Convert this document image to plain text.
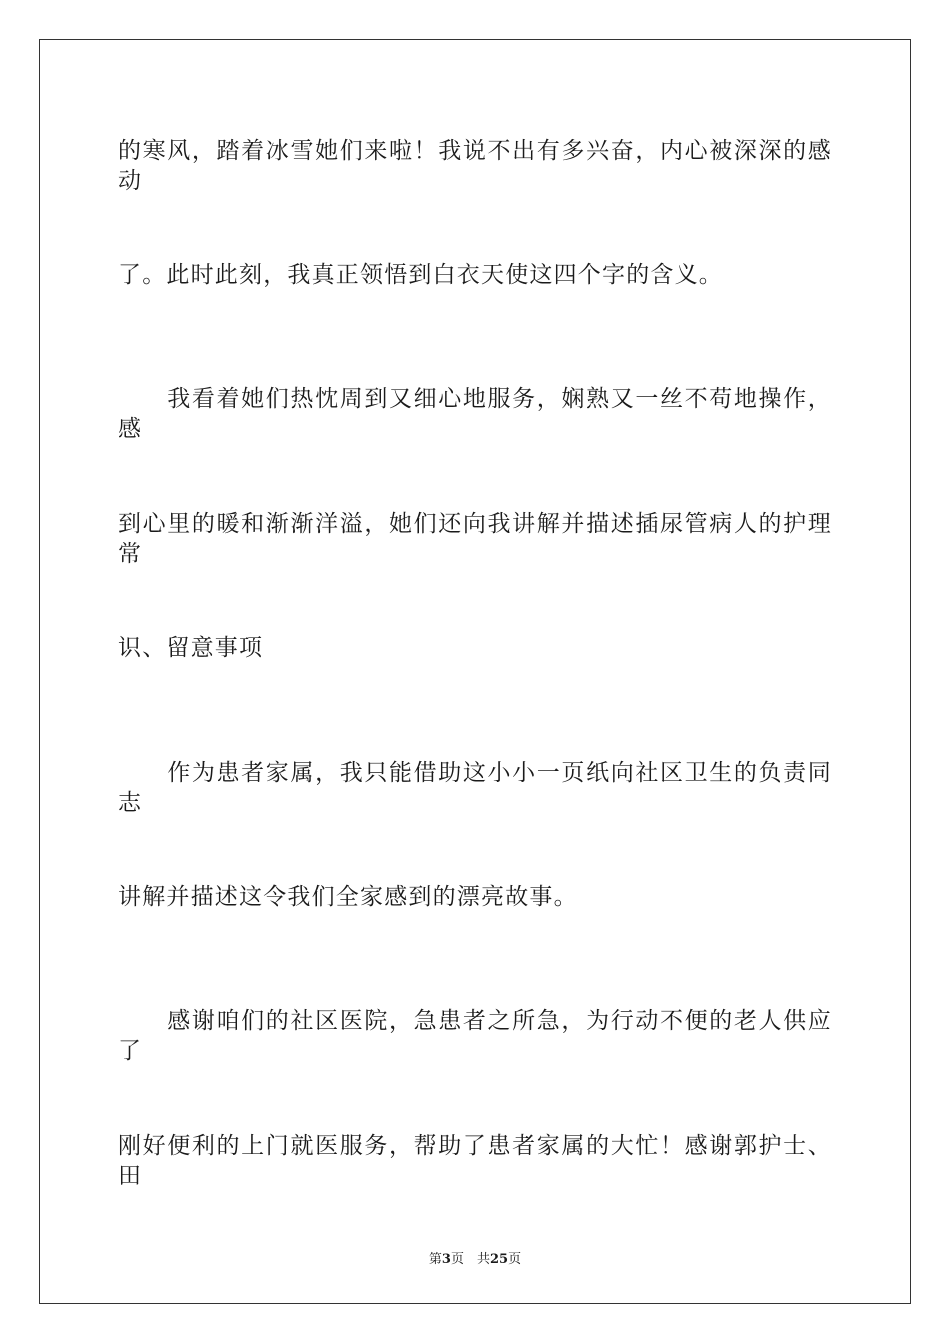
的寒风，踏着冰雪她们来啦！我说不出有多兴奋，内心被深深的感动
了。此时此刻，我真正领悟到白衣天使这四个字的含义。
　　我看着她们热忱周到又细心地服务，娴熟又一丝不苟地操作，感
到心里的暖和渐渐洋溢，她们还向我讲解并描述插尿管病人的护理常
识、留意事项
　　作为患者家属，我只能借助这小小一页纸向社区卫生的负责同志
讲解并描述这令我们全家感到的漂亮故事。
　　感谢咱们的社区医院，急患者之所急，为行动不便的老人供应了
刚好便利的上门就医服务，帮助了患者家属的大忙！感谢郭护士、田
第3页　共25页
